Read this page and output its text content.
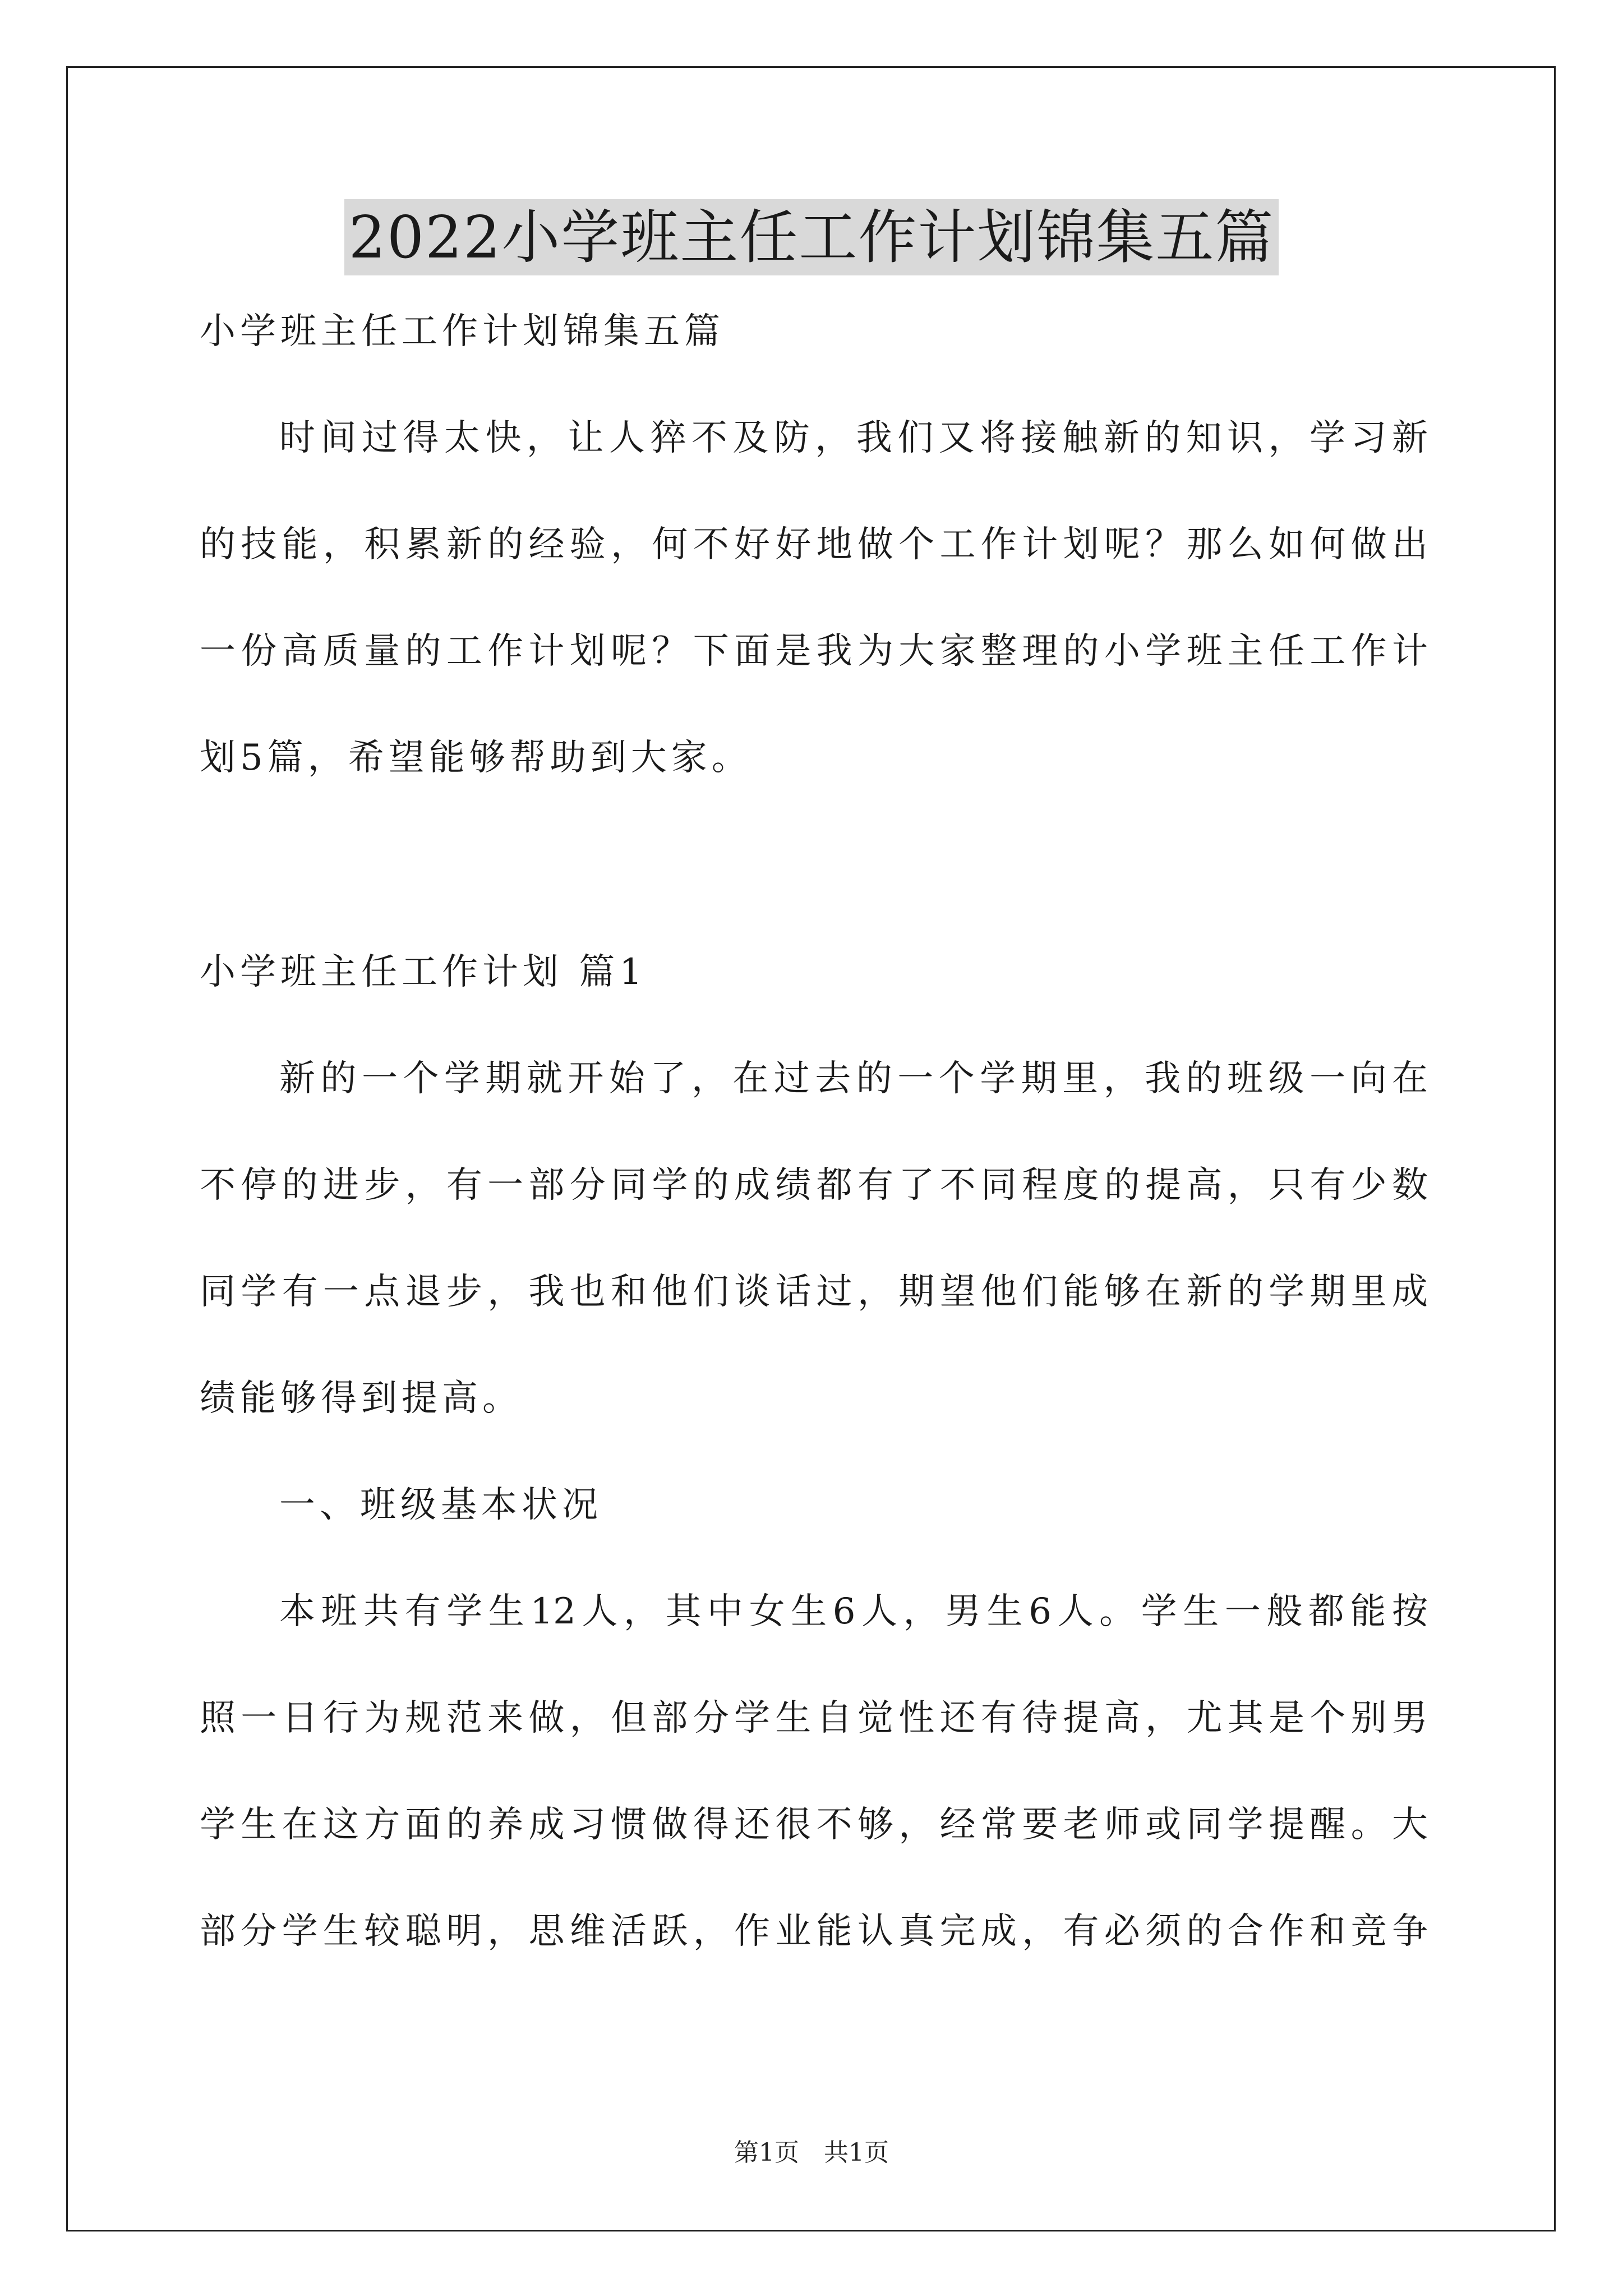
2022小学班主任工作计划锦集五篇
小学班主任工作计划锦集五篇
时间过得太快，让人猝不及防，我们又将接触新的知识，学习新
的技能，积累新的经验，何不好好地做个工作计划呢？那么如何做出
一份高质量的工作计划呢？下面是我为大家整理的小学班主任工作计
划5篇，希望能够帮助到大家。
小学班主任工作计划 篇1
新的一个学期就开始了，在过去的一个学期里，我的班级一向在
不停的进步，有一部分同学的成绩都有了不同程度的提高，只有少数
同学有一点退步，我也和他们谈话过，期望他们能够在新的学期里成
绩能够得到提高。
一、班级基本状况
本班共有学生12人，其中女生6人，男生6人。学生一般都能按
照一日行为规范来做，但部分学生自觉性还有待提高，尤其是个别男
学生在这方面的养成习惯做得还很不够，经常要老师或同学提醒。大
部分学生较聪明，思维活跃，作业能认真完成，有必须的合作和竞争
第1页　共1页
